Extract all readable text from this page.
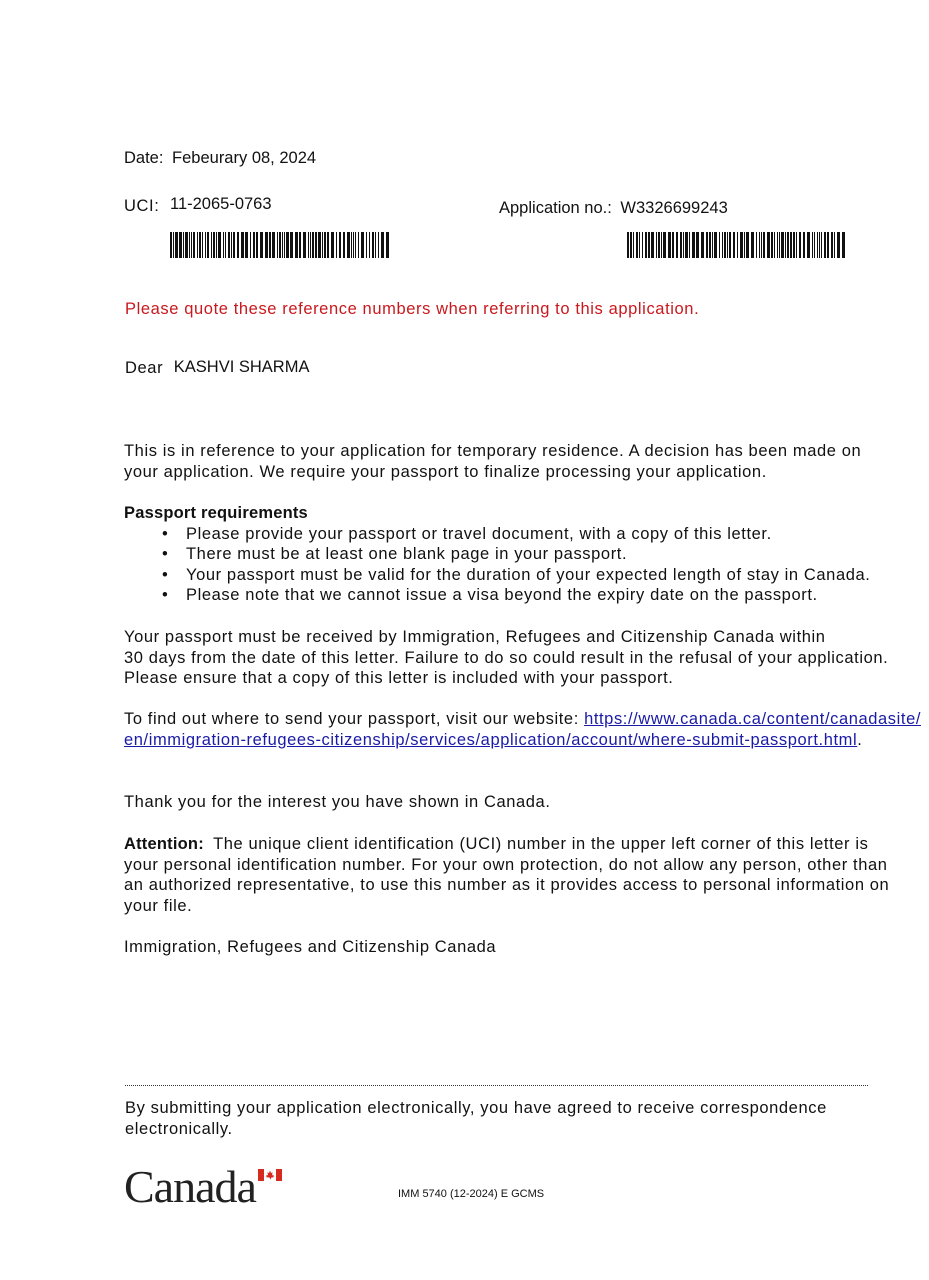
Date: Febeurary 08, 2024
UCI: 11-2065-0763	Application no.: W3326699243
Please quote these reference numbers when referring to this application.
Dear KASHVI SHARMA
This is in reference to your application for temporary residence. A decision has been made on
your application. We require your passport to finalize processing your application.
Passport requirements
• Please provide your passport or travel document, with a copy of this letter.
• There must be at least one blank page in your passport.
• Your passport must be valid for the duration of your expected length of stay in Canada.
• Please note that we cannot issue a visa beyond the expiry date on the passport.
Your passport must be received by Immigration, Refugees and Citizenship Canada within
30 days from the date of this letter. Failure to do so could result in the refusal of your application.
Please ensure that a copy of this letter is included with your passport.
To find out where to send your passport, visit our website: https://www.canada.ca/content/canadasite/
en/immigration-refugees-citizenship/services/application/account/where-submit-passport.html.
Thank you for the interest you have shown in Canada.
Attention: The unique client identification (UCI) number in the upper left corner of this letter is
your personal identification number. For your own protection, do not allow any person, other than
an authorized representative, to use this number as it provides access to personal information on
your file.
Immigration, Refugees and Citizenship Canada
By submitting your application electronically, you have agreed to receive correspondence
electronically.
Canada	IMM 5740 (12-2024) E GCMS
